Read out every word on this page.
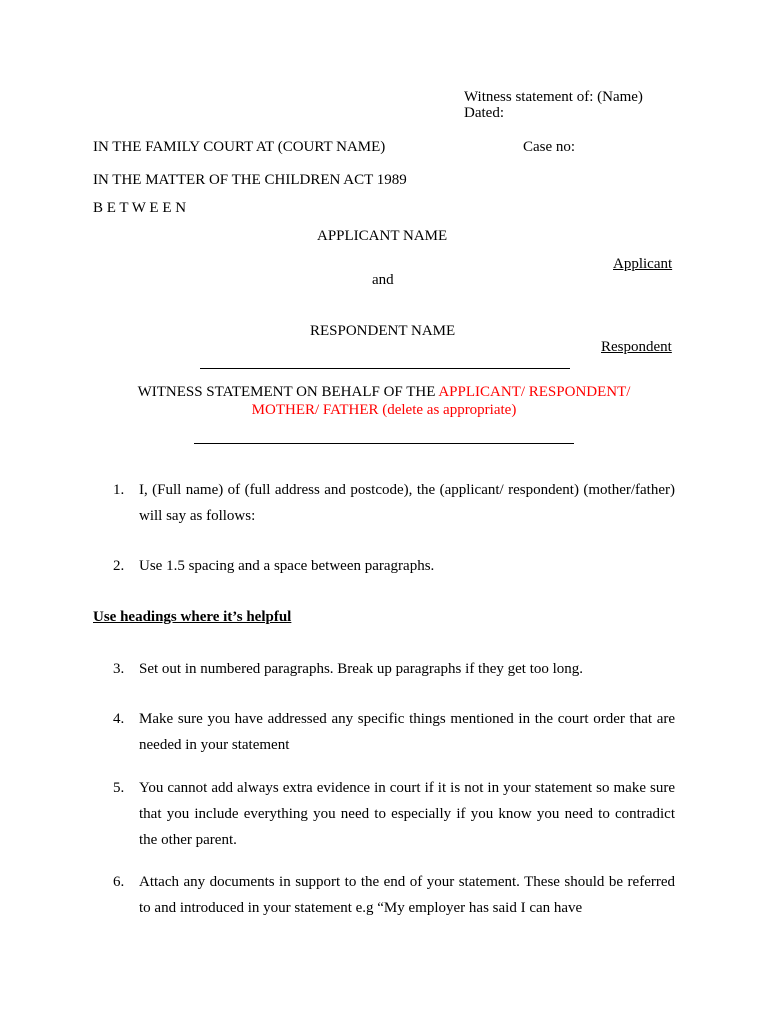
Witness statement of: (Name)
Dated:
IN THE FAMILY COURT AT (COURT NAME)	Case no:
IN THE MATTER OF THE CHILDREN ACT 1989
B E T W E E N
APPLICANT NAME
Applicant
and
RESPONDENT NAME
Respondent
WITNESS STATEMENT ON BEHALF OF THE APPLICANT/ RESPONDENT/
MOTHER/ FATHER (delete as appropriate)
1. I, (Full name) of (full address and postcode), the (applicant/ respondent) (mother/father) will say as follows:
2. Use 1.5 spacing and a space between paragraphs.
Use headings where it’s helpful
3. Set out in numbered paragraphs. Break up paragraphs if they get too long.
4. Make sure you have addressed any specific things mentioned in the court order that are needed in your statement
5. You cannot add always extra evidence in court if it is not in your statement so make sure that you include everything you need to especially if you know you need to contradict the other parent.
6. Attach any documents in support to the end of your statement. These should be referred to and introduced in your statement e.g “My employer has said I can have
